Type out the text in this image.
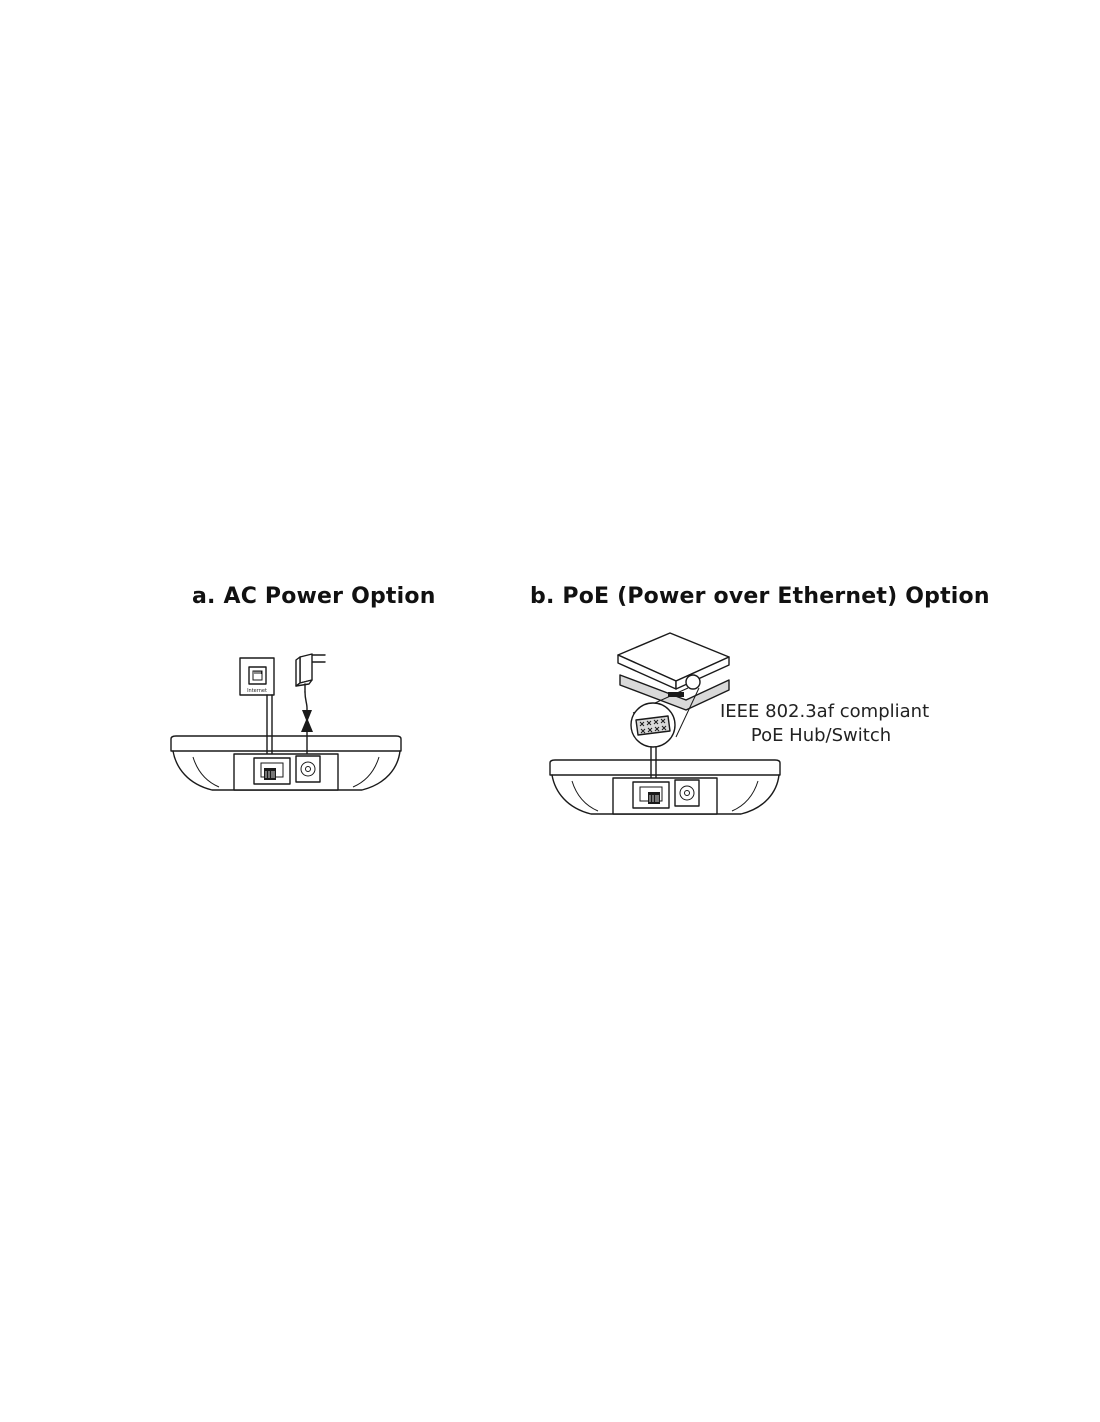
a. AC Power Option	b. PoE (Power over Ethernet) Option
Internet
IEEE 802.3af compliant
PoE Hub/Switch
